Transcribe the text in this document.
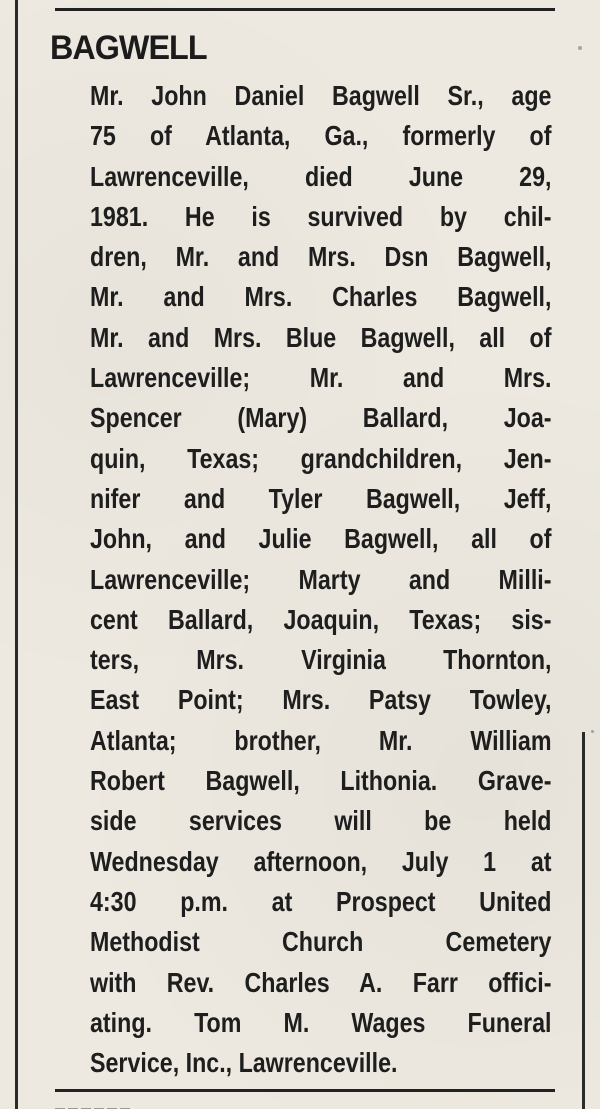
BAGWELL
Mr. John Daniel Bagwell Sr., age
75 of Atlanta, Ga., formerly of
Lawrenceville, died June 29,
1981. He is survived by chil-
dren, Mr. and Mrs. Dsn Bagwell,
Mr. and Mrs. Charles Bagwell,
Mr. and Mrs. Blue Bagwell, all of
Lawrenceville; Mr. and Mrs.
Spencer (Mary) Ballard, Joa-
quin, Texas; grandchildren, Jen-
nifer and Tyler Bagwell, Jeff,
John, and Julie Bagwell, all of
Lawrenceville; Marty and Milli-
cent Ballard, Joaquin, Texas; sis-
ters, Mrs. Virginia Thornton,
East Point; Mrs. Patsy Towley,
Atlanta; brother, Mr. William
Robert Bagwell, Lithonia. Grave-
side services will be held
Wednesday afternoon, July 1 at
4:30 p.m. at Prospect United
Methodist Church Cemetery
with Rev. Charles A. Farr offici-
ating. Tom M. Wages Funeral
Service, Inc., Lawrenceville.
